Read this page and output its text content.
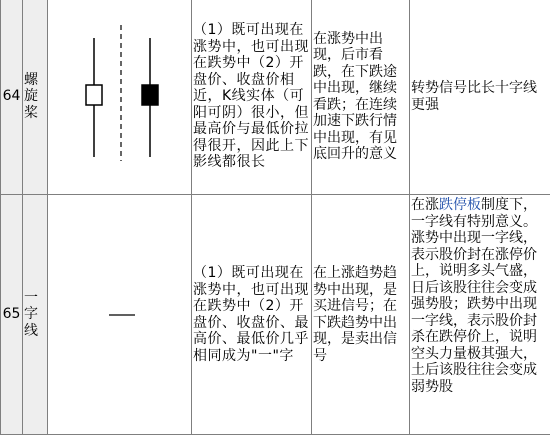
64	螺旋桨		（1）既可出现在涨势中，也可出现在跌势中（2）开盘价、收盘价相近，K线实体（可阳可阴）很小，但最高价与最低价拉得很开，因此上下影线都很长	在涨势中出现，后市看跌，在下跌途中出现，继续看跌；在连续加速下跌行情中出现，有见底回升的意义	转势信号比长十字线更强
65	一字线		（1）既可出现在涨势中，也可出现在跌势中（2）开盘价、收盘价、最高价、最低价几乎相同成为"一"字	在上涨趋势趋势中出现，是买进信号；在下跌趋势中出现，是卖出信号	在涨跌停板制度下，一字线有特别意义。涨势中出现一字线，表示股价封在涨停价上，说明多头气盛，日后该股往往会变成强势股；跌势中出现一字线，表示股价封杀在跌停价上，说明空头力量极其强大，土后该股往往会变成弱势股
